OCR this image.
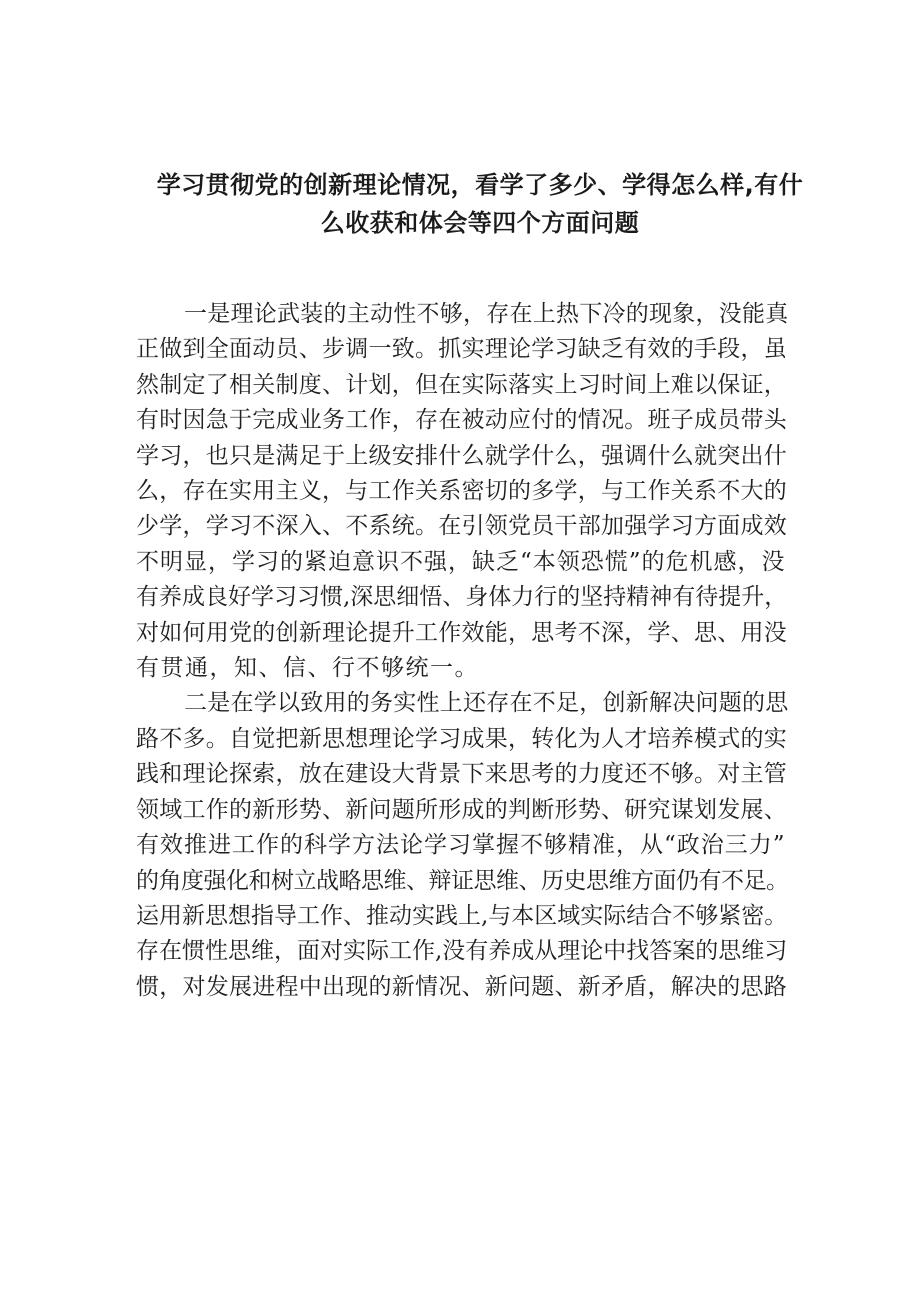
学习贯彻党的创新理论情况，看学了多少、学得怎么样,有什
么收获和体会等四个方面问题

一是理论武装的主动性不够，存在上热下冷的现象，没能真
正做到全面动员、步调一致。抓实理论学习缺乏有效的手段，虽
然制定了相关制度、计划，但在实际落实上习时间上难以保证，
有时因急于完成业务工作，存在被动应付的情况。班子成员带头
学习，也只是满足于上级安排什么就学什么，强调什么就突出什
么，存在实用主义，与工作关系密切的多学，与工作关系不大的
少学，学习不深入、不系统。在引领党员干部加强学习方面成效
不明显，学习的紧迫意识不强，缺乏“本领恐慌”的危机感，没
有养成良好学习习惯,深思细悟、身体力行的坚持精神有待提升，
对如何用党的创新理论提升工作效能，思考不深，学、思、用没
有贯通，知、信、行不够统一。

二是在学以致用的务实性上还存在不足，创新解决问题的思
路不多。自觉把新思想理论学习成果，转化为人才培养模式的实
践和理论探索，放在建设大背景下来思考的力度还不够。对主管
领域工作的新形势、新问题所形成的判断形势、研究谋划发展、
有效推进工作的科学方法论学习掌握不够精准，从“政治三力”
的角度强化和树立战略思维、辩证思维、历史思维方面仍有不足。
运用新思想指导工作、推动实践上,与本区域实际结合不够紧密。
存在惯性思维，面对实际工作,没有养成从理论中找答案的思维习
惯，对发展进程中出现的新情况、新问题、新矛盾，解决的思路
